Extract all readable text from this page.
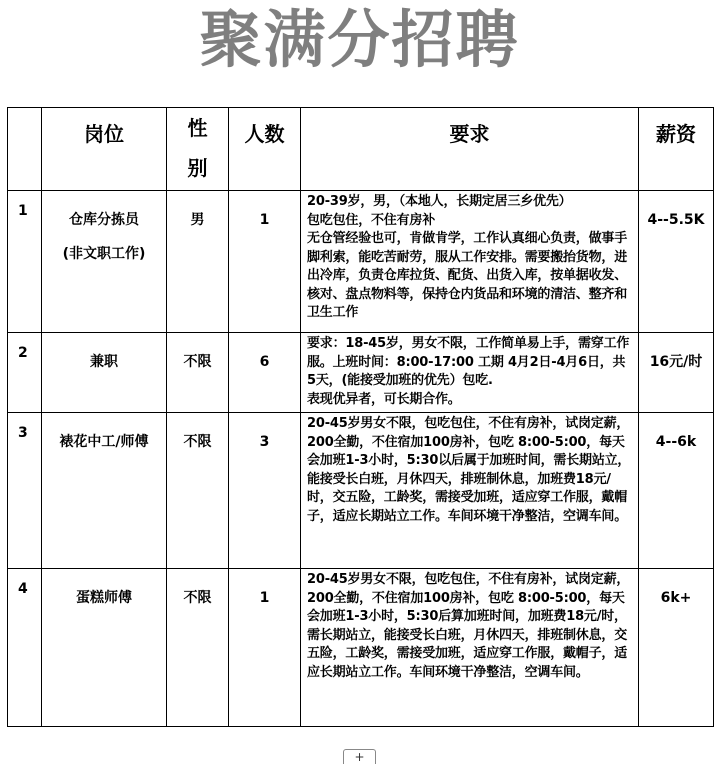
聚满分招聘
	岗位	性
别	人数	要求	薪资
1	仓库分拣员
(非文职工作)	男	1	20-39岁，男，（本地人，长期定居三乡优先）
包吃包住，不住有房补
无仓管经验也可，肯做肯学，工作认真细心负责，做事手脚利索，能吃苦耐劳，服从工作安排。需要搬抬货物，进出冷库，负责仓库拉货、配货、出货入库，按单据收发、核对、盘点物料等，保持仓内货品和环境的清洁、整齐和卫生工作	4--5.5K
2	兼职	不限	6	要求：18-45岁，男女不限，工作简单易上手，需穿工作服。上班时间：8:00-17:00 工期 4月2日-4月6日，共5天，(能接受加班的优先）包吃.
表现优异者，可长期合作。	16元/时
3	裱花中工/师傅	不限	3	20-45岁男女不限，包吃包住，不住有房补，试岗定薪，200全勤，不住宿加100房补，包吃 8:00-5:00，每天会加班1-3小时，5:30以后属于加班时间，需长期站立，能接受长白班，月休四天，排班制休息，加班费18元/时，交五险，工龄奖，需接受加班，适应穿工作服，戴帽子，适应长期站立工作。车间环境干净整洁，空调车间。	4--6k
4	蛋糕师傅	不限	1	20-45岁男女不限，包吃包住，不住有房补，试岗定薪，200全勤，不住宿加100房补，包吃 8:00-5:00，每天会加班1-3小时，5:30后算加班时间，加班费18元/时，需长期站立，能接受长白班，月休四天，排班制休息，交五险，工龄奖，需接受加班，适应穿工作服，戴帽子，适应长期站立工作。车间环境干净整洁，空调车间。	6k+
+
